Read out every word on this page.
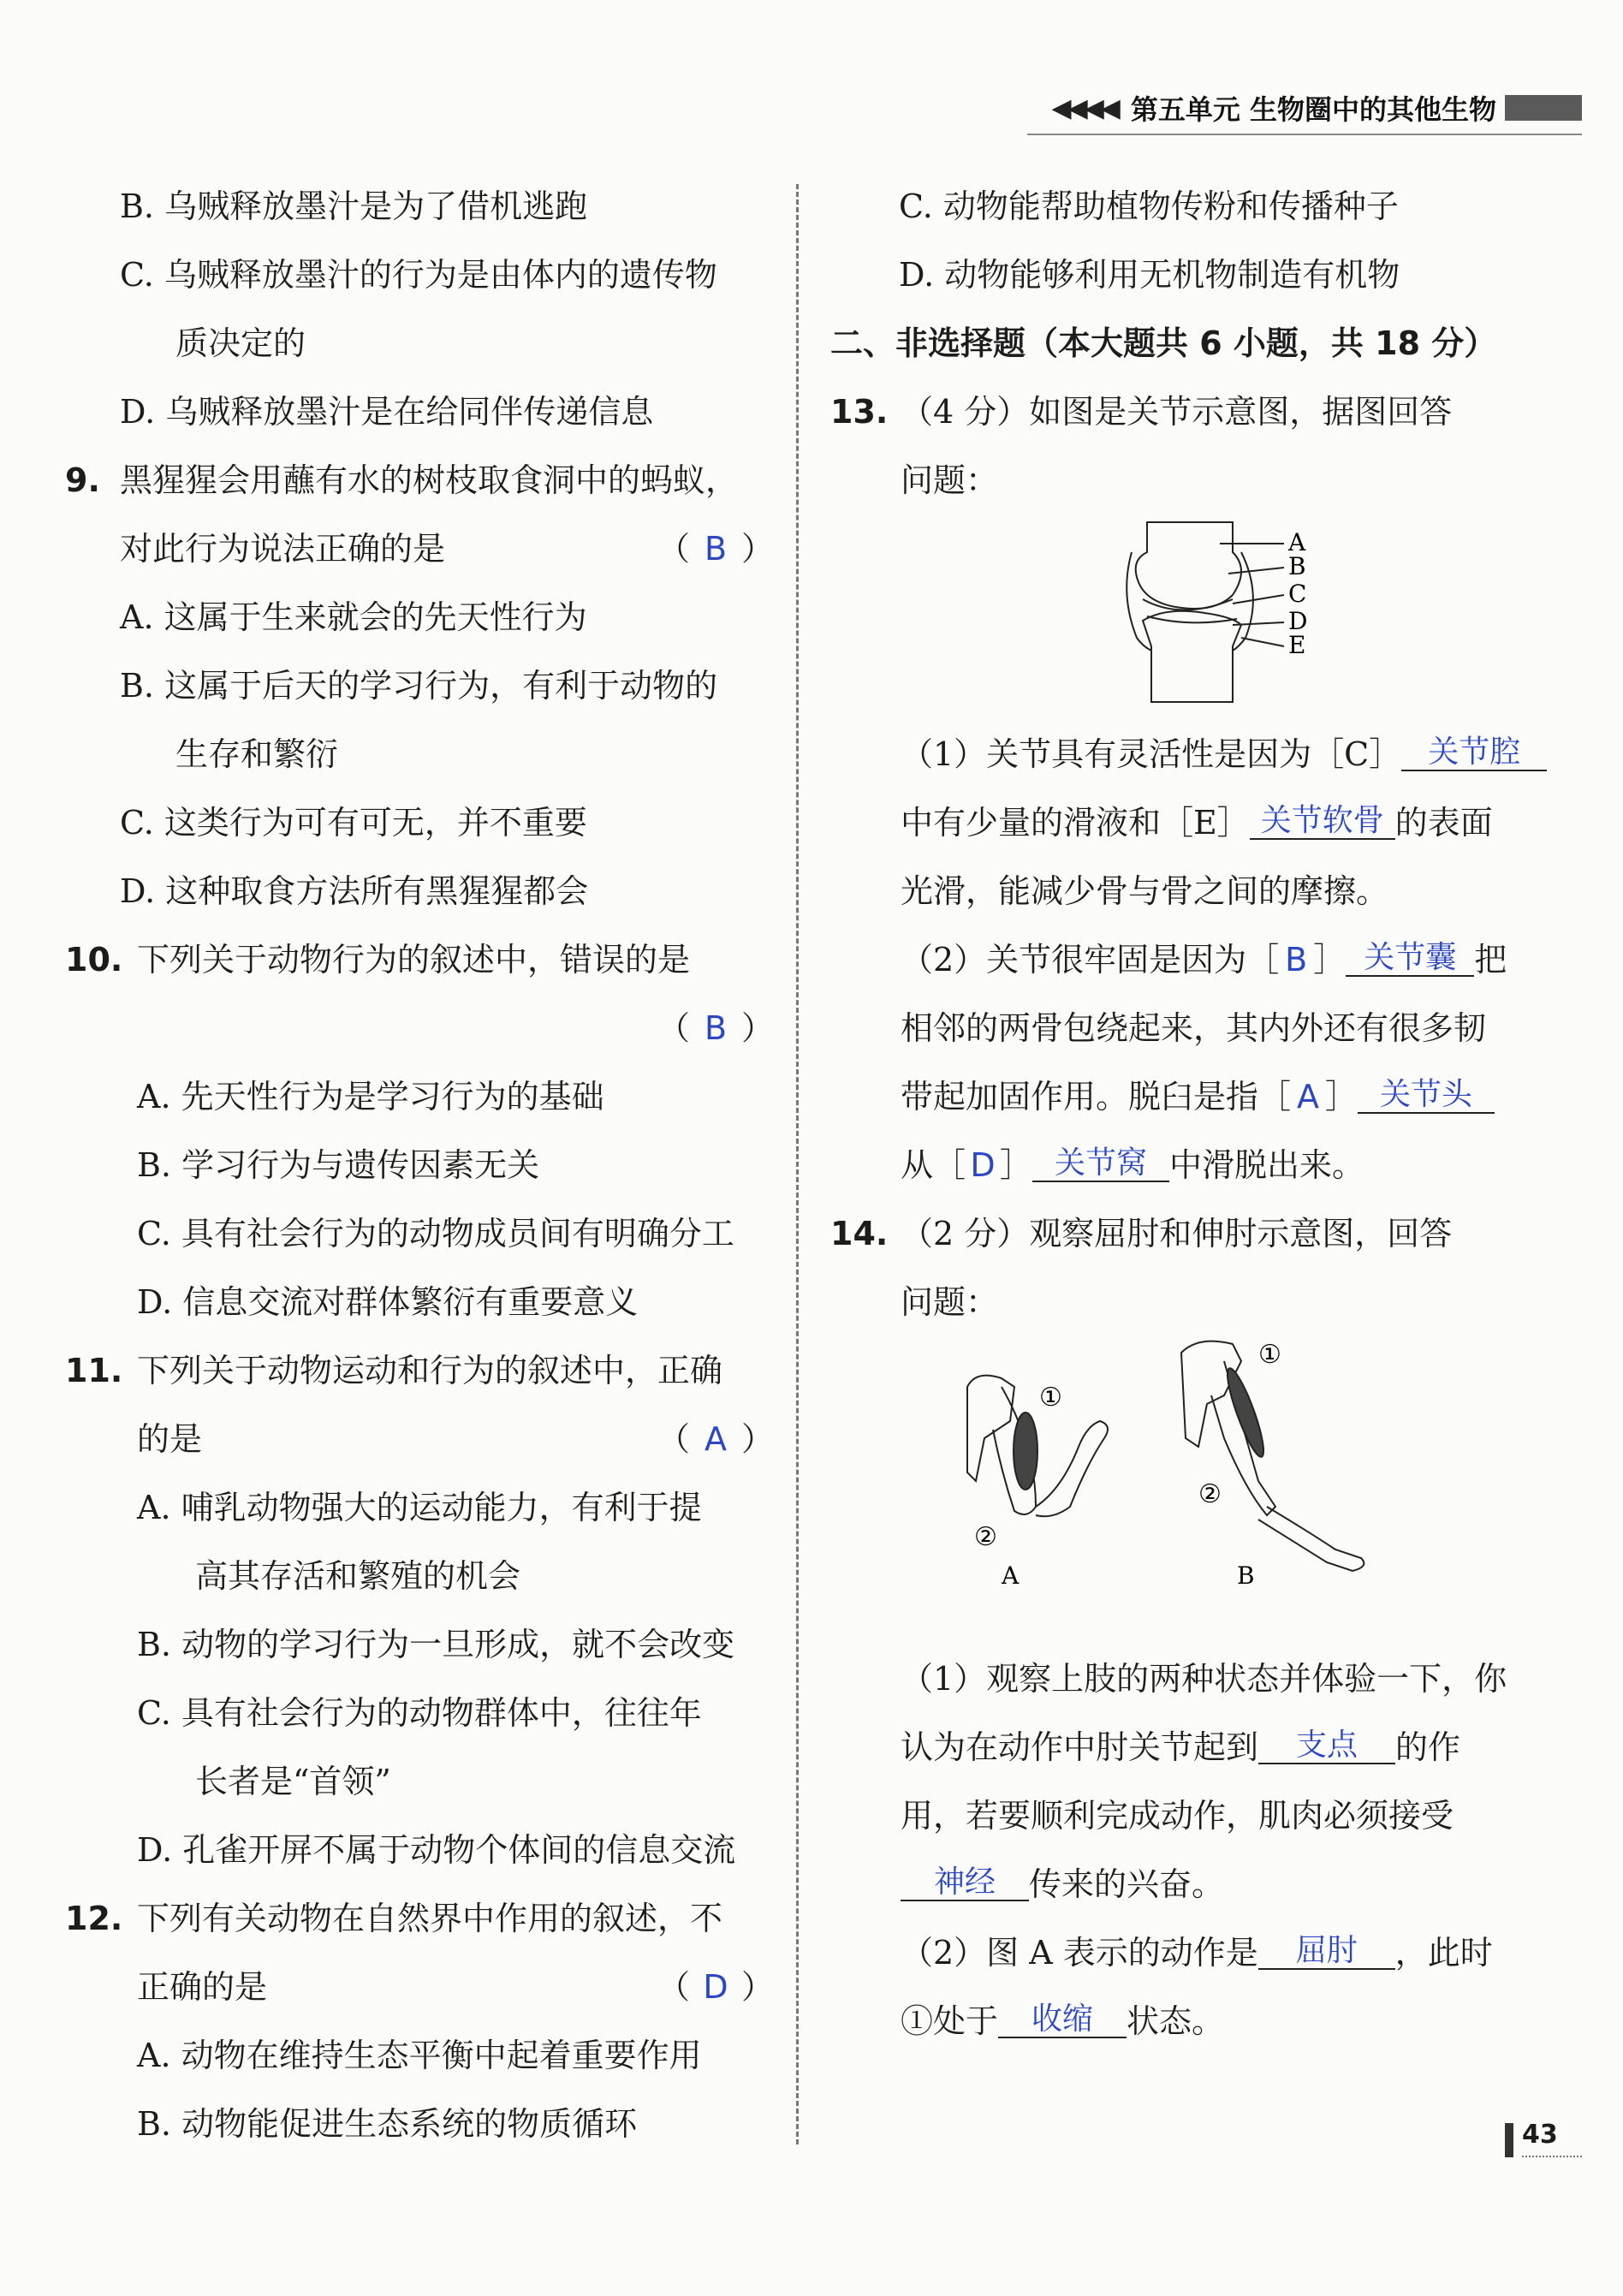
◀◀◀◀ 第五单元 生物圈中的其他生物
B. 乌贼释放墨汁是为了借机逃跑
C. 乌贼释放墨汁的行为是由体内的遗传物
质决定的
D. 乌贼释放墨汁是在给同伴传递信息
9. 黑猩猩会用蘸有水的树枝取食洞中的蚂蚁，
对此行为说法正确的是	（ B ）
A. 这属于生来就会的先天性行为
B. 这属于后天的学习行为，有利于动物的
生存和繁衍
C. 这类行为可有可无，并不重要
D. 这种取食方法所有黑猩猩都会
10. 下列关于动物行为的叙述中，错误的是
（ B ）
A. 先天性行为是学习行为的基础
B. 学习行为与遗传因素无关
C. 具有社会行为的动物成员间有明确分工
D. 信息交流对群体繁衍有重要意义
11. 下列关于动物运动和行为的叙述中，正确
的是	（ A ）
A. 哺乳动物强大的运动能力，有利于提
高其存活和繁殖的机会
B. 动物的学习行为一旦形成，就不会改变
C. 具有社会行为的动物群体中，往往年
长者是“首领”
D. 孔雀开屏不属于动物个体间的信息交流
12. 下列有关动物在自然界中作用的叙述，不
正确的是	（ D ）
A. 动物在维持生态平衡中起着重要作用
B. 动物能促进生态系统的物质循环
C. 动物能帮助植物传粉和传播种子
D. 动物能够利用无机物制造有机物
二、非选择题（本大题共 6 小题，共 18 分）
13. （4 分）如图是关节示意图，据图回答
问题：
A
B
C
D
E
（1）关节具有灵活性是因为［C］ 关节腔
中有少量的滑液和［E］ 关节软骨 的表面
光滑，能减少骨与骨之间的摩擦。
（2）关节很牢固是因为［ B ］ 关节囊 把
相邻的两骨包绕起来，其内外还有很多韧
带起加固作用。脱臼是指［ A ］ 关节头
从［ D ］ 关节窝 中滑脱出来。
14. （2 分）观察屈肘和伸肘示意图，回答
问题：
①
②
A
①
②
B
（1）观察上肢的两种状态并体验一下，你
认为在动作中肘关节起到 支点 的作
用，若要顺利完成动作，肌肉必须接受
神经 传来的兴奋。
（2）图 A 表示的动作是 屈肘 ，此时
①处于 收缩 状态。
43
